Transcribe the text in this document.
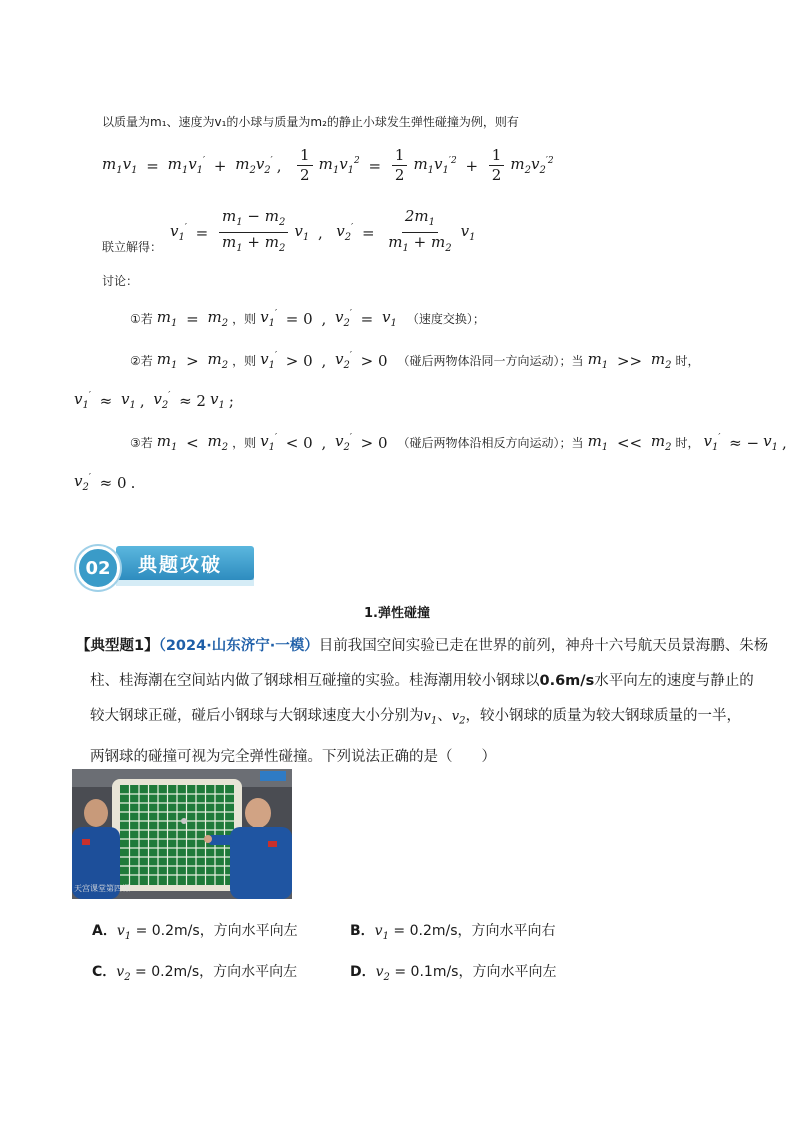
以质量为m₁、速度为v₁的小球与质量为m₂的静止小球发生弹性碰撞为例，则有
$m_1v_1 = m_1v_1' + m_2v_2'$ , $\frac{1}{2} m_1v_1^2 = \frac{1}{2} m_1v_1^{'2} + \frac{1}{2} m_2v_2^{'2}$
联立解得：
$v_1' = \frac{m_1 - m_2}{m_1 + m_2} v_1$ , $v_2' = \frac{2m_1}{m_1 + m_2} v_1$
讨论：
①若 $m_1 = m_2$ ，则 $v_1' = 0$ , $v_2' = v_1$ （速度交换）；
②若 $m_1 > m_2$ ，则 $v_1' > 0$ , $v_2' > 0$ （碰后两物体沿同一方向运动）；当 $m_1 >> m_2$ 时，
$v_1' \approx v_1$ , $v_2' \approx 2$ $v_1$ ;
③若 $m_1 < m_2$ ，则 $v_1' < 0$ , $v_2' > 0$ （碰后两物体沿相反方向运动）；当 $m_1 << m_2$ 时， $v_1'$ ≈ − $v_1$ ,
$v_2' \approx 0$ .
典题攻破
02
1.弹性碰撞
【典型题1】（2024·山东济宁·一模）目前我国空间实验已走在世界的前列，神舟十六号航天员景海鹏、朱杨
柱、桂海潮在空间站内做了钢球相互碰撞的实验。桂海潮用较小钢球以0.6m/s水平向左的速度与静止的
较大钢球正碰，碰后小钢球与大钢球速度大小分别为$v_1$、$v_2$，较小钢球的质量为较大钢球质量的一半，
两钢球的碰撞可视为完全弹性碰撞。下列说法正确的是（　　）
天宫课堂第四课
A．$v_1 = 0.2m/s$，方向水平向左	B．$v_1 = 0.2m/s$，方向水平向右
C．$v_2 = 0.2m/s$，方向水平向左	D．$v_2 = 0.1m/s$，方向水平向左
